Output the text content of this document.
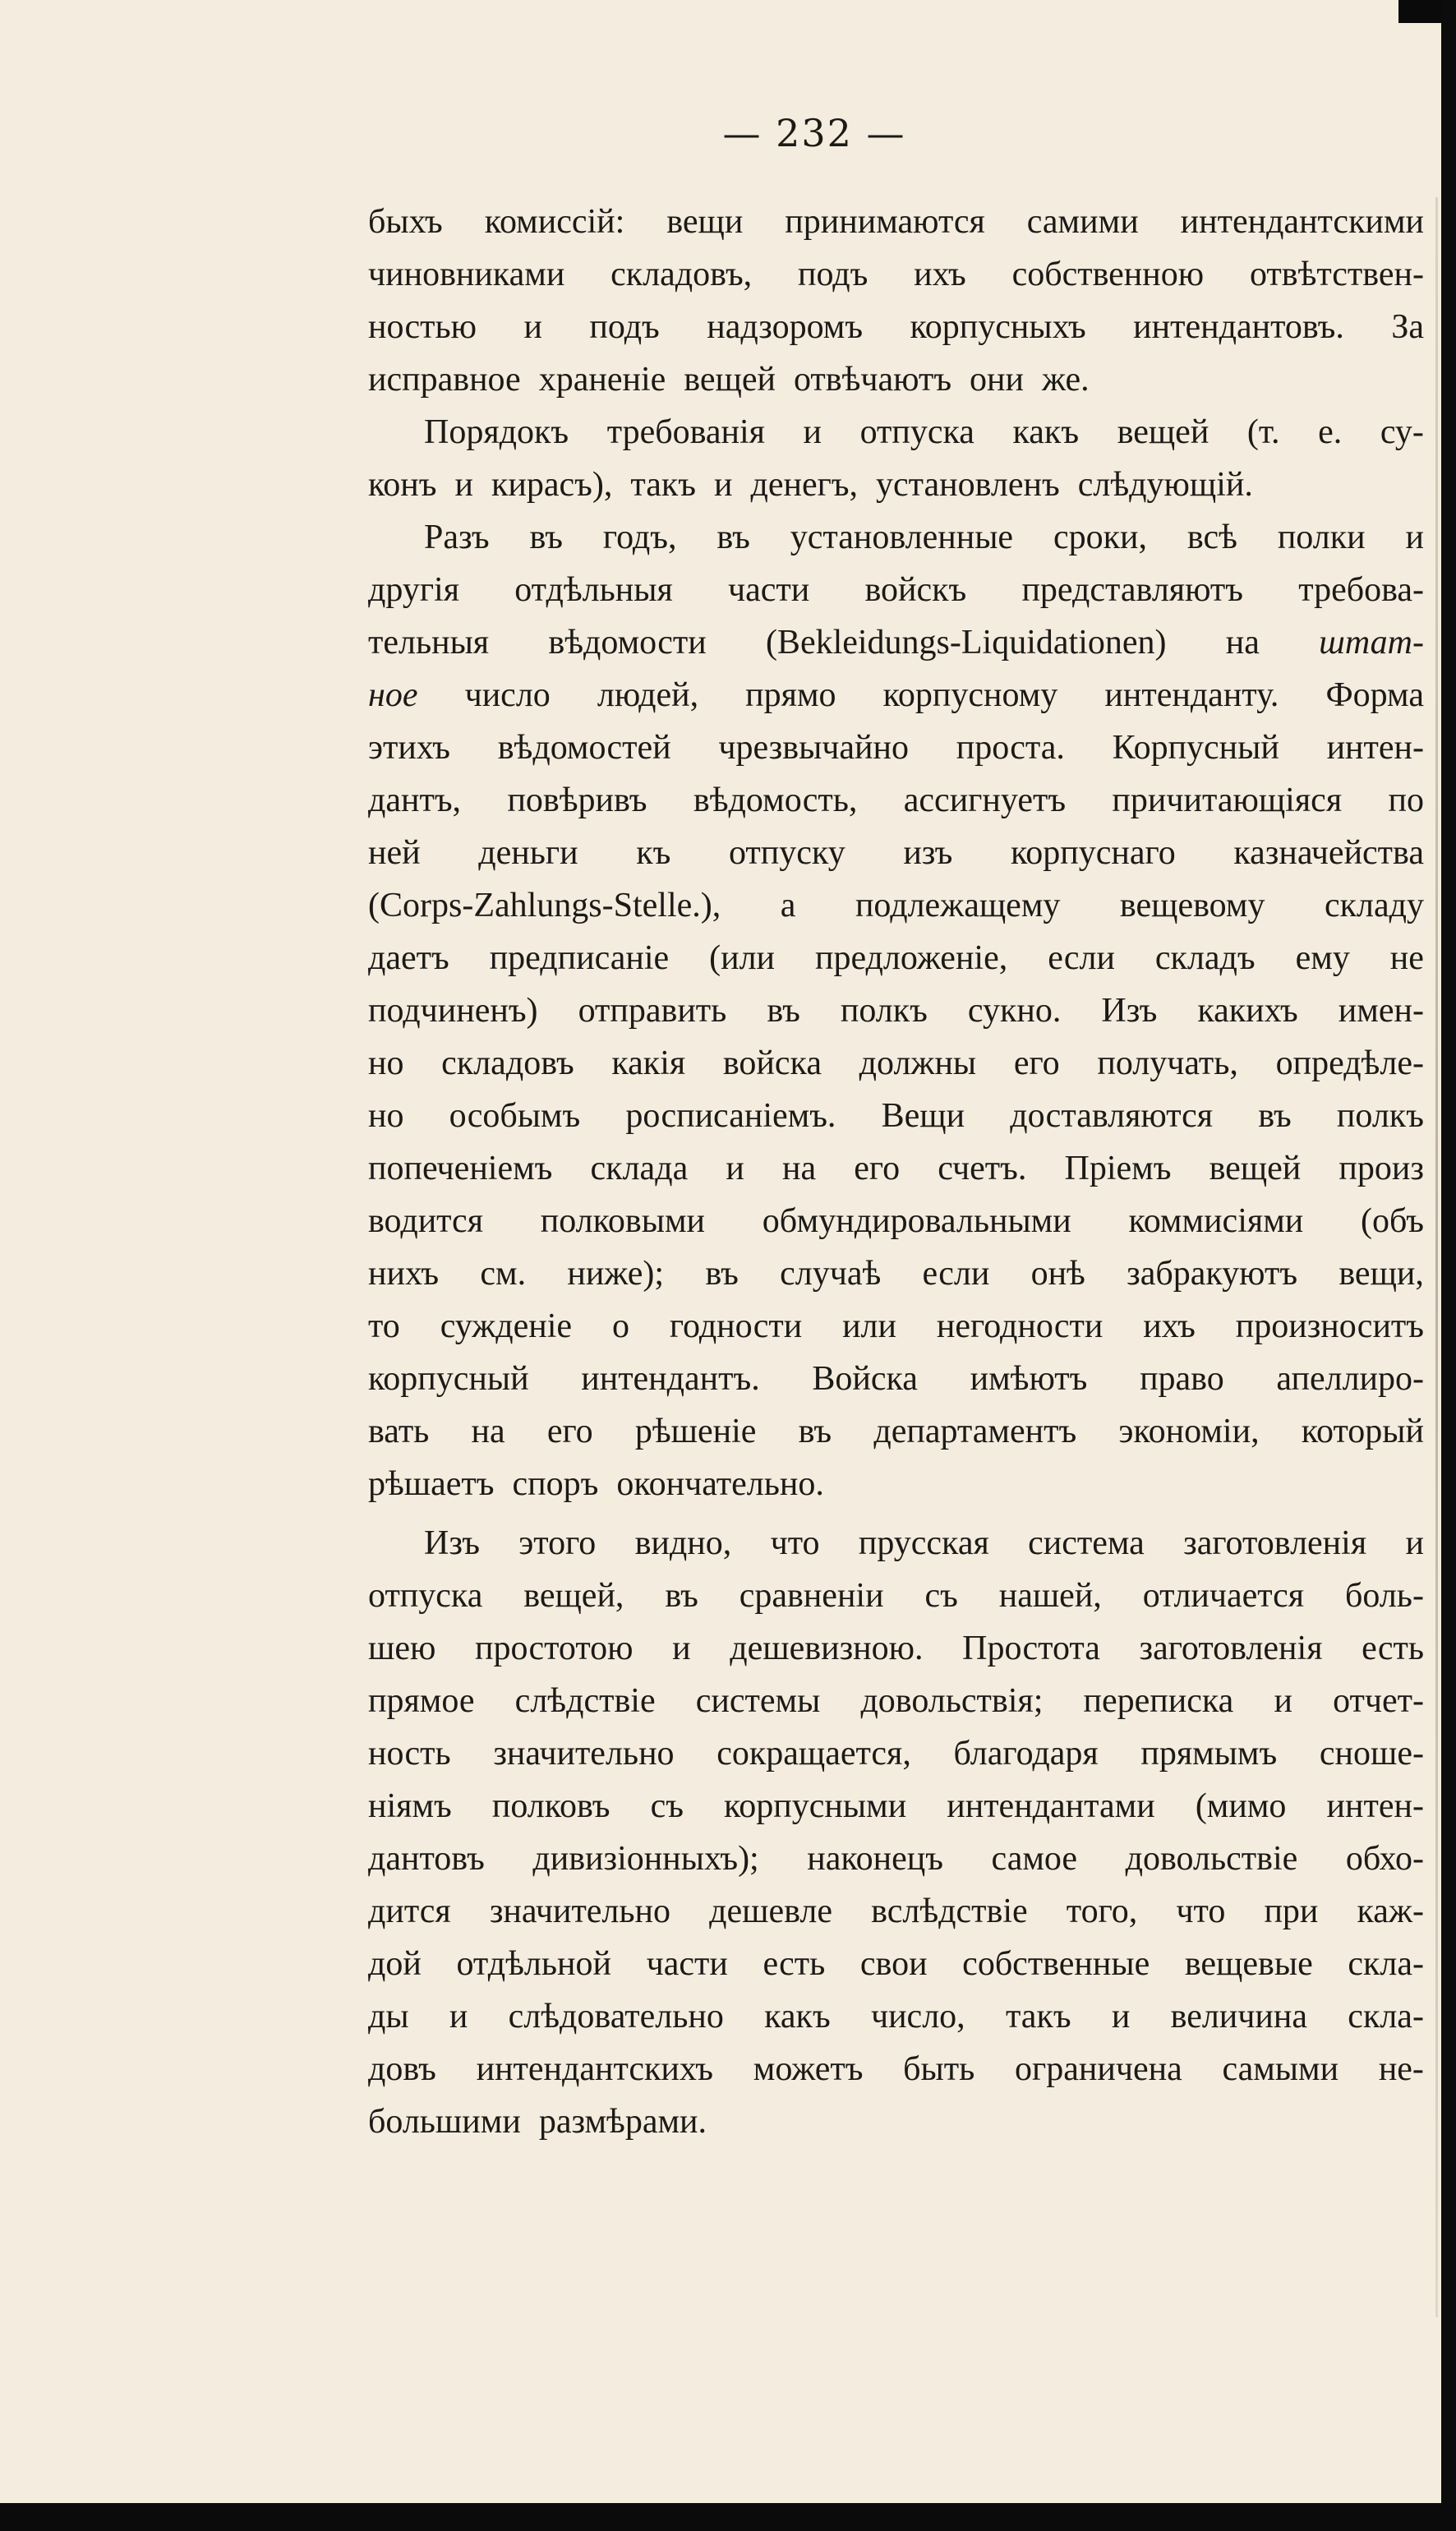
— 232 —
быхъ комиссій: вещи принимаются самими интендантскими
чиновниками складовъ, подъ ихъ собственною отвѣтствен-
ностью и подъ надзоромъ корпусныхъ интендантовъ. За
исправное храненіе вещей отвѣчаютъ они же.
Порядокъ требованія и отпуска какъ вещей (т. е. су-
конъ и кирасъ), такъ и денегъ, установленъ слѣдующій.
Разъ въ годъ, въ установленные сроки, всѣ полки и
другія отдѣльныя части войскъ представляютъ требова-
тельныя вѣдомости (Bekleidungs-Liquidationen) на штат-
ное число людей, прямо корпусному интенданту. Форма
этихъ вѣдомостей чрезвычайно проста. Корпусный интен-
дантъ, повѣривъ вѣдомость, ассигнуетъ причитающіяся по
ней деньги къ отпуску изъ корпуснаго казначейства
(Corps-Zahlungs-Stelle.), а подлежащему вещевому складу
даетъ предписаніе (или предложеніе, если складъ ему не
подчиненъ) отправить въ полкъ сукно. Изъ какихъ имен-
но складовъ какія войска должны его получать, опредѣле-
но особымъ росписаніемъ. Вещи доставляются въ полкъ
попеченіемъ склада и на его счетъ. Пріемъ вещей произ
водится полковыми обмундировальными коммисіями (объ
нихъ см. ниже); въ случаѣ если онѣ забракуютъ вещи,
то сужденіе о годности или негодности ихъ произноситъ
корпусный интендантъ. Войска имѣютъ право апеллиро-
вать на его рѣшеніе въ департаментъ экономіи, который
рѣшаетъ споръ окончательно.
Изъ этого видно, что прусская система заготовленія и
отпуска вещей, въ сравненіи съ нашей, отличается боль-
шею простотою и дешевизною. Простота заготовленія есть
прямое слѣдствіе системы довольствія; переписка и отчет-
ность значительно сокращается, благодаря прямымъ сноше-
ніямъ полковъ съ корпусными интендантами (мимо интен-
дантовъ дивизіонныхъ); наконецъ самое довольствіе обхо-
дится значительно дешевле вслѣдствіе того, что при каж-
дой отдѣльной части есть свои собственные вещевые скла-
ды и слѣдовательно какъ число, такъ и величина скла-
довъ интендантскихъ можетъ быть ограничена самыми не-
большими размѣрами.
